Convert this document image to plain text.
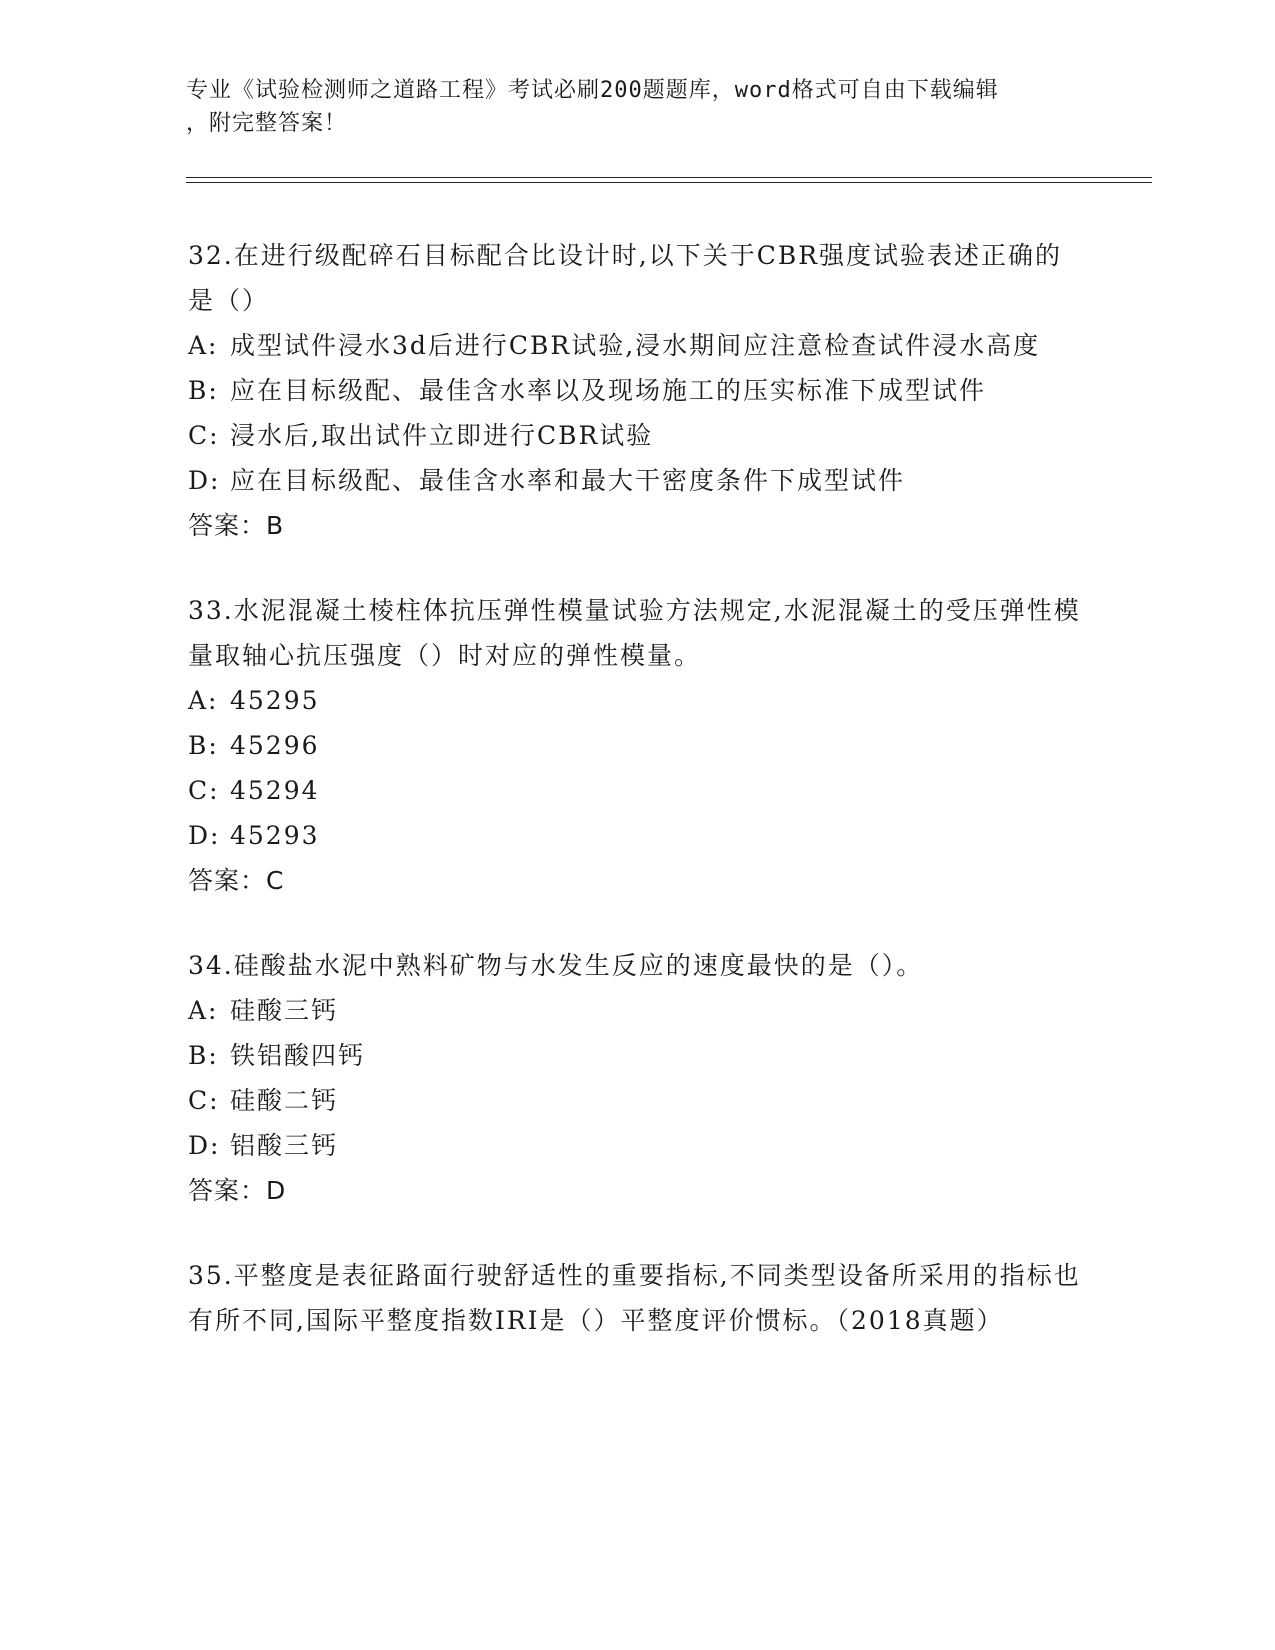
专业《试验检测师之道路工程》考试必刷200题题库，word格式可自由下载编辑
，附完整答案！

32.在进行级配碎石目标配合比设计时,以下关于CBR强度试验表述正确的是（）

A: 成型试件浸水3d后进行CBR试验,浸水期间应注意检查试件浸水高度

B: 应在目标级配、最佳含水率以及现场施工的压实标准下成型试件

C: 浸水后,取出试件立即进行CBR试验

D: 应在目标级配、最佳含水率和最大干密度条件下成型试件

答案：B

33.水泥混凝土棱柱体抗压弹性模量试验方法规定,水泥混凝土的受压弹性模量取轴心抗压强度（）时对应的弹性模量。

A: 45295

B: 45296

C: 45294

D: 45293

答案：C

34.硅酸盐水泥中熟料矿物与水发生反应的速度最快的是（）。

A: 硅酸三钙

B: 铁铝酸四钙

C: 硅酸二钙

D: 铝酸三钙

答案：D

35.平整度是表征路面行驶舒适性的重要指标,不同类型设备所采用的指标也有所不同,国际平整度指数IRI是（）平整度评价惯标。（2018真题）
